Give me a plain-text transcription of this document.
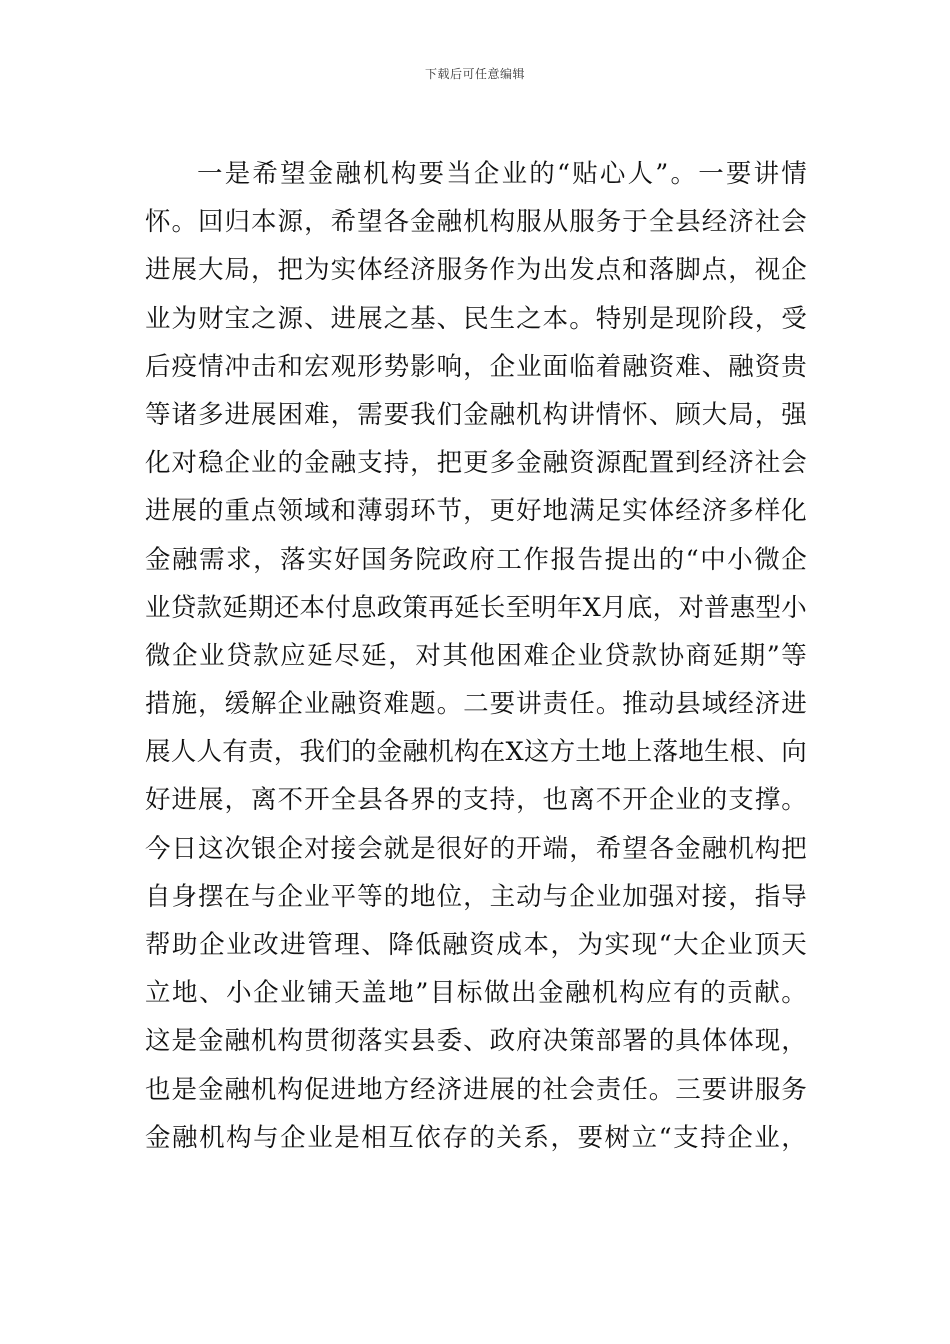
下载后可任意编辑
一是希望金融机构要当企业的“贴心人”。一要讲情
怀。回归本源，希望各金融机构服从服务于全县经济社会
进展大局，把为实体经济服务作为出发点和落脚点，视企
业为财宝之源、进展之基、民生之本。特别是现阶段，受
后疫情冲击和宏观形势影响，企业面临着融资难、融资贵
等诸多进展困难，需要我们金融机构讲情怀、顾大局，强
化对稳企业的金融支持，把更多金融资源配置到经济社会
进展的重点领域和薄弱环节，更好地满足实体经济多样化
金融需求，落实好国务院政府工作报告提出的“中小微企
业贷款延期还本付息政策再延长至明年X月底，对普惠型小
微企业贷款应延尽延，对其他困难企业贷款协商延期”等
措施，缓解企业融资难题。二要讲责任。推动县域经济进
展人人有责，我们的金融机构在X这方土地上落地生根、向
好进展，离不开全县各界的支持，也离不开企业的支撑。
今日这次银企对接会就是很好的开端，希望各金融机构把
自身摆在与企业平等的地位，主动与企业加强对接，指导
帮助企业改进管理、降低融资成本，为实现“大企业顶天
立地、小企业铺天盖地”目标做出金融机构应有的贡献。
这是金融机构贯彻落实县委、政府决策部署的具体体现，
也是金融机构促进地方经济进展的社会责任。三要讲服务
金融机构与企业是相互依存的关系，要树立“支持企业，
